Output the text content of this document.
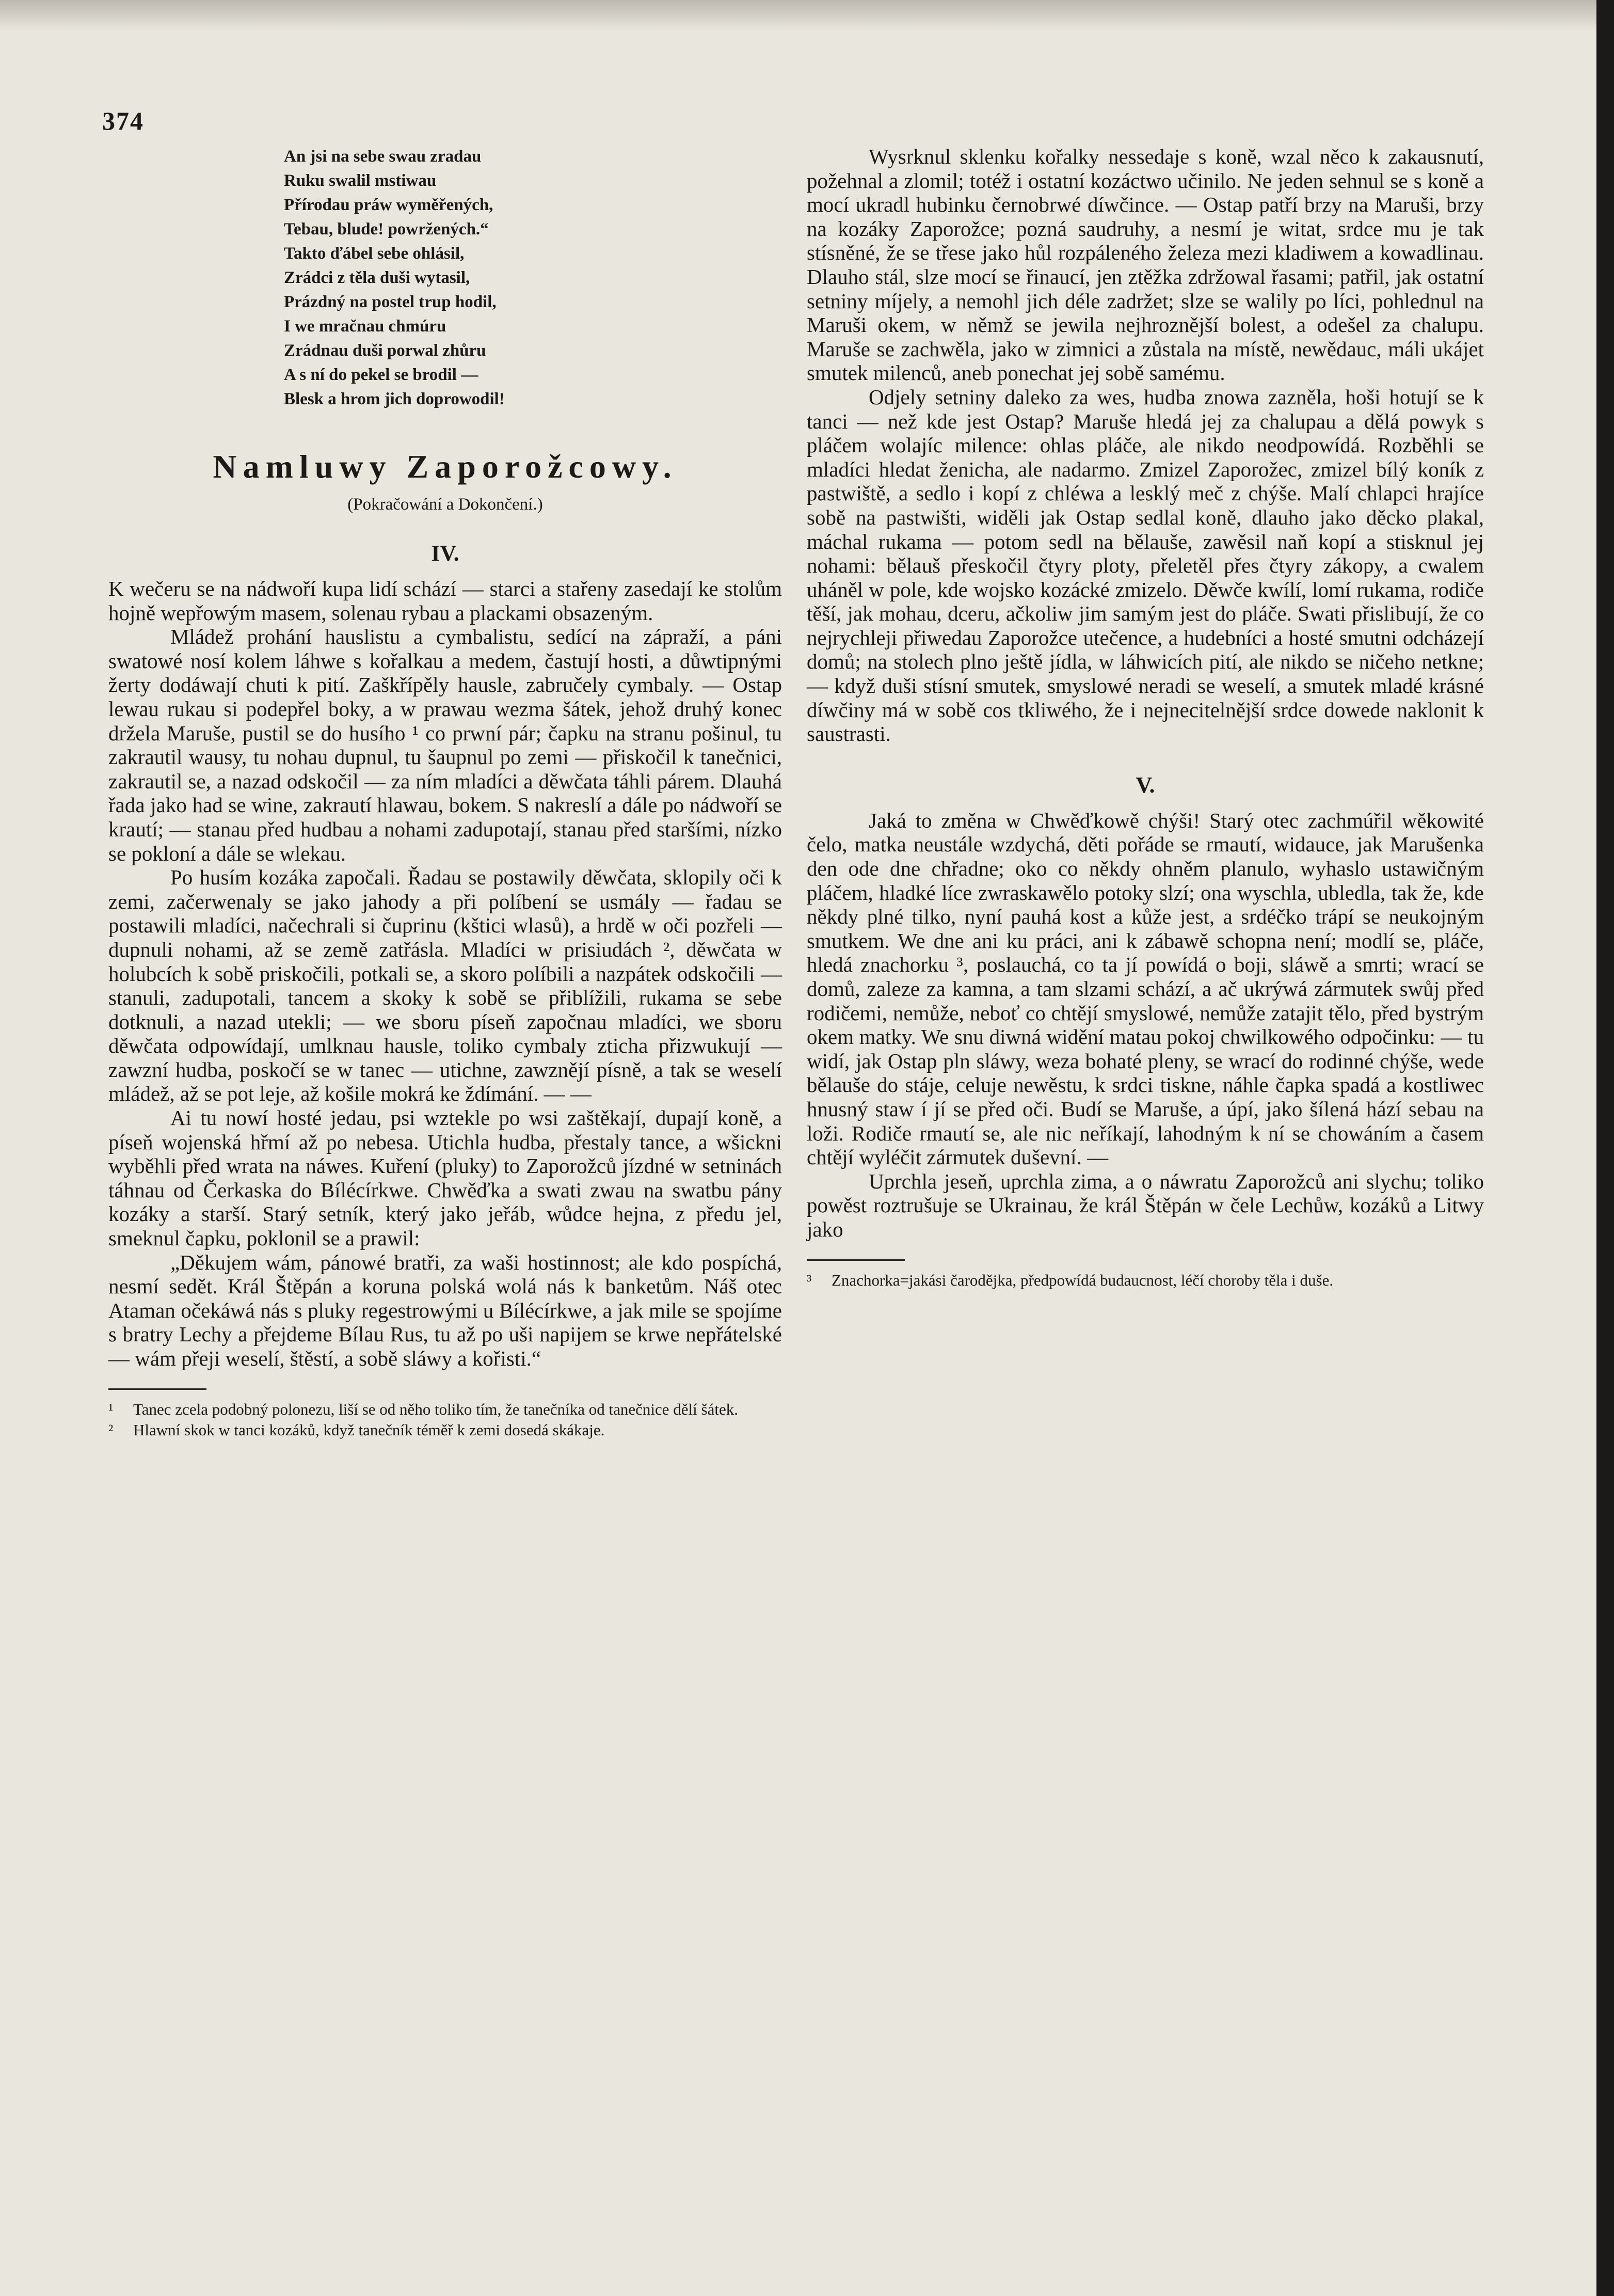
374
An jsi na sebe swau zradau
Ruku swalil mstiwau
Přírodau práw wyměřených,
Tebau, bludе! powržených.“
Takto ďábel sebe ohlásil,
Zrádci z těla duši wytasil,
Prázdný na postel trup hodil,
I we mračnau chmúru
Zrádnau duši porwal zhůru
A s ní do pekel se brodil —
Blesk a hrom jich doprowodil!
Namluwy Zaporožcowy.
(Pokračowání a Dokončení.)
IV.

K wečeru se na nádwoří kupa lidí schází — starci a stařeny zasedají ke stolům hojně wepřowým masem, solenau rybau a plackami obsazeným.

Mládež prohání hauslistu a cymbalistu, sedící na zápraží, a páni swatowé nosí kolem láhwe s kořalkau a medem, častují hosti, a důwtipnými žerty dodáwají chuti k pití. Zaškřípěly hausle, zabručely cymbaly. — Ostap lewau rukau si podepřel boky, a w prawau wezma šátek, jehož druhý konec držela Maruše, pustil se do husího ¹ co prwní pár; čapku na stranu pošinul, tu zakrautil wausy, tu nohau dupnul, tu šaupnul po zemi — přiskočil k tanečnici, zakrautil se, a nazad odskočil — za ním mladíci a děwčata táhli párem. Dlauhá řada jako had se wine, zakrautí hlawau, bokem. S nakreslí a dále po nádwoří se krautí; — stanau před hudbau a nohami zadupotají, stanau před staršími, nízko se pokloní a dále se wlekau.

Po husím kozáka započali. Řadau se postawily děwčata, sklopily oči k zemi, začerwenaly se jako jahody a při políbení se usmály — řadau se postawili mladíci, načechrali si čuprinu (kštici wlasů), a hrdě w oči pozřeli — dupnuli nohami, až se země zatřásla. Mladíci w prisiudách ², děwčata w holubcích k sobě priskočili, potkali se, a skoro políbili a nazpátek odskočili — stanuli, zadupotali, tancem a skoky k sobě se přiblížili, rukama se sebe dotknuli, a nazad utekli; — we sboru píseň započnau mladíci, we sboru děwčata odpowídají, umlknau hausle, toliko cymbaly zticha přizwukují — zawzní hudba, poskočí se w tanec — utichne, zawznějí písně, a tak se weselí mládež, až se pot leje, až košile mokrá ke ždímání. — —

Ai tu nowí hosté jedau, psi wztekle po wsi zaštěkají, dupají koně, a píseň wojenská hřmí až po nebesa. Utichla hudba, přestaly tance, a wšickni wyběhli před wrata na náwes. Kuření (pluky) to Zaporožců jízdné w setninách táhnau od Čerkaska do Bílécírkwe. Chwěďka a swati zwau na swatbu pány kozáky a starší. Starý setník, který jako jeřáb, wůdce hejna, z předu jel, smeknul čapku, poklonil se a prawil:

„Děkujem wám, pánowé bratři, za waši hostinnost; ale kdo pospíchá, nesmí sedět. Král Štěpán a koruna polská wolá nás k banketům. Náš otec Ataman očekáwá nás s pluky regestrowými u Bílécírkwe, a jak mile se spojíme s bratry Lechy a přejdeme Bílau Rus, tu až po uši napijem se krwe nepřátelské — wám přeji weselí, štěstí, a sobě sláwy a kořisti.“

¹ Tanec zcela podobný polonezu, liší se od něho toliko tím, že tanečníka od tanečnice dělí šátek.
² Hlawní skok w tanci kozáků, když tanečník téměř k zemi dosedá skákaje.

Wysrknul sklenku kořalky nessedaje s koně, wzal něco k zakausnutí, požehnal a zlomil; totéž i ostatní kozáctwo učinilo. Ne jeden sehnul se s koně a mocí ukradl hubinku černobrwé díwčince. — Ostap patří brzy na Maruši, brzy na kozáky Zaporožce; pozná saudruhy, a nesmí je witat, srdce mu je tak stísněné, že se třese jako hůl rozpáleného železa mezi kladiwem a kowadlinau. Dlauho stál, slze mocí se řinaucí, jen ztěžka zdržowal řasami; patřil, jak ostatní setniny míjely, a nemohl jich déle zadržet; slze se walily po líci, pohlednul na Maruši okem, w němž se jewila nejhroznější bolest, a odešel za chalupu. Maruše se zachwěla, jako w zimnici a zůstala na místě, newědauc, máli ukájet smutek milenců, aneb ponechat jej sobě samému.

Odjely setniny daleko za wes, hudba znowa zazněla, hoši hotují se k tanci — než kde jest Ostap? Maruše hledá jej za chalupau a dělá powyk s pláčem wolajíc milence: ohlas pláče, ale nikdo neodpowídá. Rozběhli se mladíci hledat ženicha, ale nadarmo. Zmizel Zaporožec, zmizel bílý koník z pastwiště, a sedlo i kopí z chléwa a lesklý meč z chýše. Malí chlapci hrajíce sobě na pastwišti, widěli jak Ostap sedlal koně, dlauho jako děcko plakal, máchal rukama — potom sedl na bělauše, zawěsil naň kopí a stisknul jej nohami: bělauš přeskočil čtyry ploty, přeletěl přes čtyry zákopy, a cwalem uháněl w pole, kde wojsko kozácké zmizelo. Děwče kwílí, lomí rukama, rodiče těší, jak mohau, dceru, ačkoliw jim samým jest do pláče. Swati přislibují, že co nejrychleji přiwedau Zaporožce utečence, a hudebníci a hosté smutni odcházejí domů; na stolech plno ještě jídla, w láhwicích pití, ale nikdo se ničeho netkne; — když duši stísní smutek, smyslowé neradi se weselí, a smutek mladé krásné díwčiny má w sobě cos tkliwého, že i nejnecitelnější srdce dowede naklonit k saustrasti.

V.

Jaká to změna w Chwěďkowě chýši! Starý otec zachmúřil wěkowité čelo, matka neustále wzdychá, děti pořáde se rmautí, widauce, jak Marušenka den ode dne chřadne; oko co někdy ohněm planulo, wyhaslo ustawičným pláčem, hladké líce zwraskawělo potoky slzí; ona wyschla, ubledla, tak že, kde někdy plné tilko, nyní pauhá kost a kůže jest, a srdéčko trápí se neukojným smutkem. We dne ani ku práci, ani k zábawě schopna není; modlí se, pláče, hledá znachorku ³, poslauchá, co ta jí powídá o boji, sláwě a smrti; wrací se domů, zaleze za kamna, a tam slzami schází, a ač ukrýwá zármutek swůj před rodičemi, nemůže, neboť co chtějí smyslowé, nemůže zatajit tělo, před bystrým okem matky. We snu diwná widění matau pokoj chwilkowého odpočinku: — tu widí, jak Ostap pln sláwy, weza bohaté pleny, se wrací do rodinné chýše, wede bělauše do stáje, celuje newěstu, k srdci tiskne, náhle čapka spadá a kostliwec hnusný staw í jí se před oči. Budí se Maruše, a úpí, jako šílená hází sebau na loži. Rodiče rmautí se, ale nic neříkají, lahodným k ní se chowáním a časem chtějí wyléčit zármutek duševní. —

Uprchla jeseň, uprchla zima, a o náwratu Zaporožců ani slychu; toliko powěst roztrušuje se Ukrainau, že král Štěpán w čele Lechůw, kozáků a Litwy jako

³ Znachorka=jakási čarodějka, předpowídá budaucnost, léčí choroby těla i duše.
